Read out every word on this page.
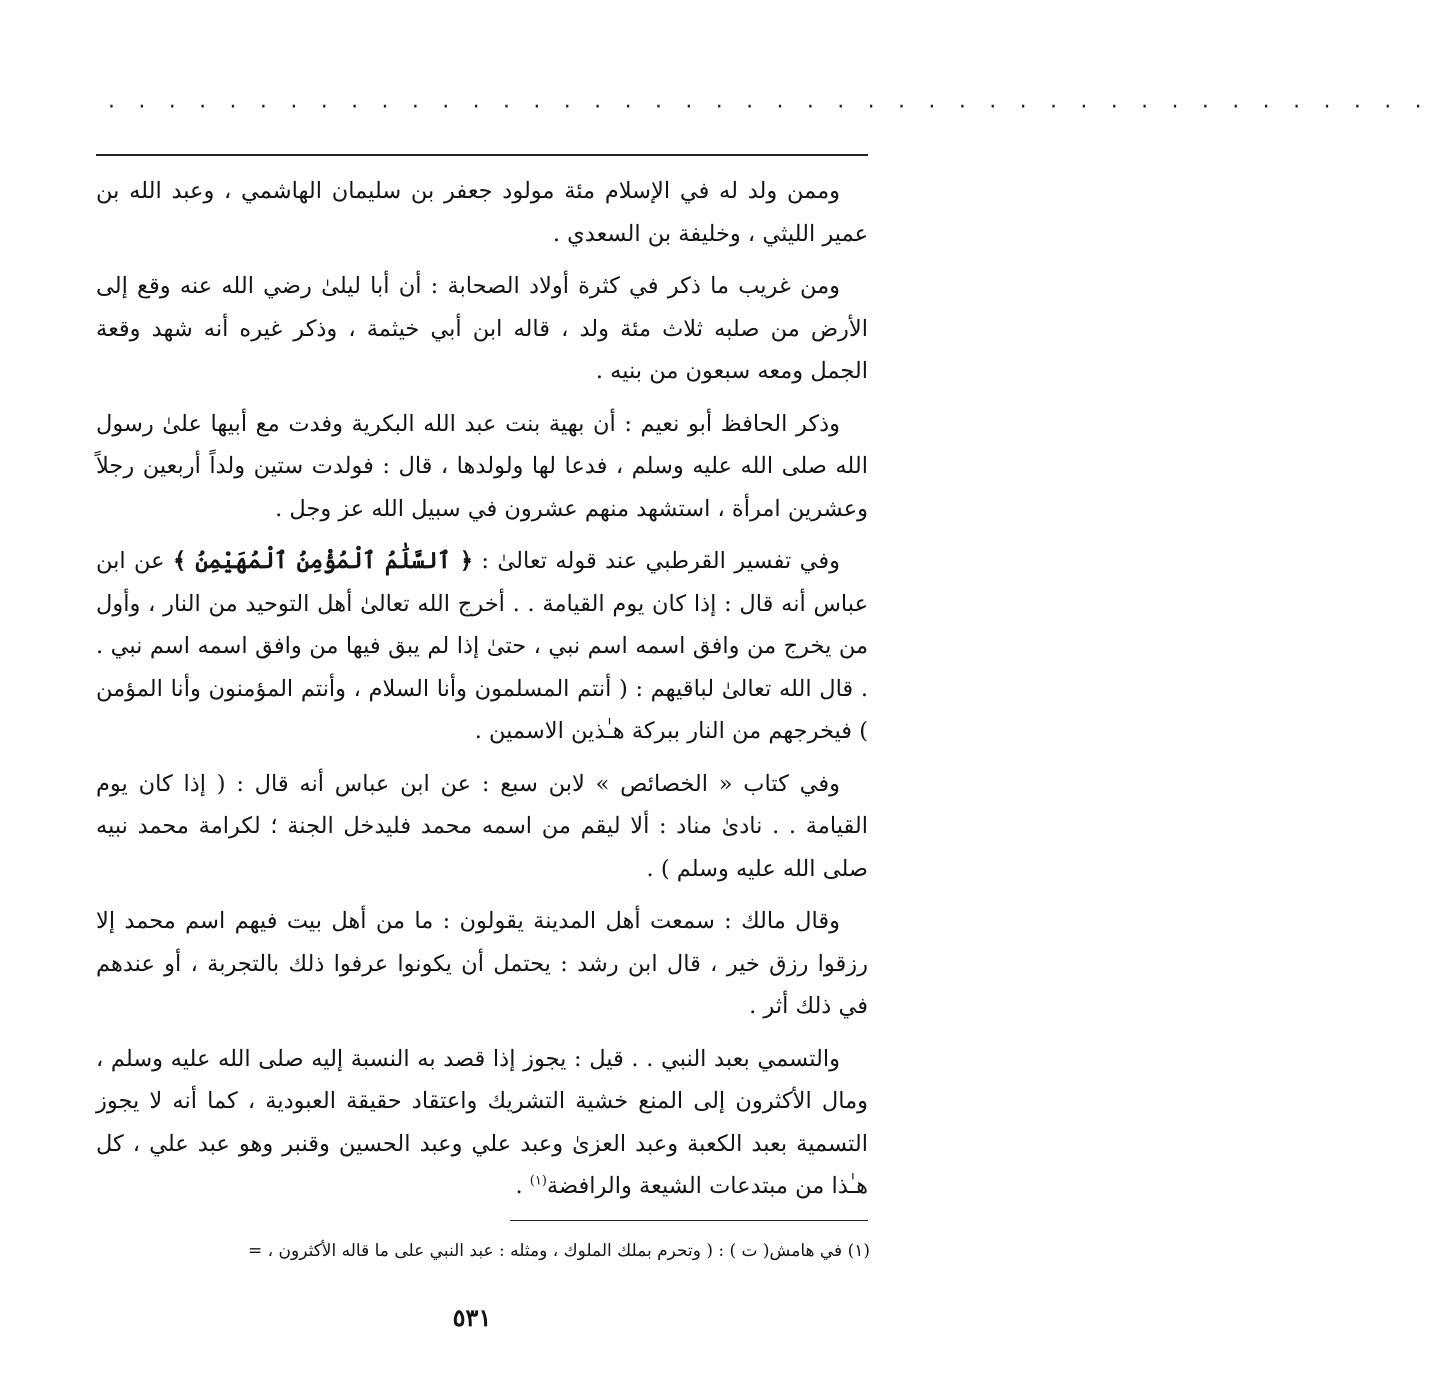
· · · · · · · · · · · · · · · · · · · · · · · · · · · · · · · · · · · · · · · · · · · ·

وممن ولد له في الإسلام مئة مولود جعفر بن سليمان الهاشمي ، وعبد الله بن عمير الليثي ، وخليفة بن السعدي .

ومن غريب ما ذكر في كثرة أولاد الصحابة : أن أبا ليلىٰ رضي الله عنه وقع إلى الأرض من صلبه ثلاث مئة ولد ، قاله ابن أبي خيثمة ، وذكر غيره أنه شهد وقعة الجمل ومعه سبعون من بنيه .

وذكر الحافظ أبو نعيم : أن بهية بنت عبد الله البكرية وفدت مع أبيها علىٰ رسول الله صلى الله عليه وسلم ، فدعا لها ولولدها ، قال : فولدت ستين ولداً أربعين رجلاً وعشرين امرأة ، استشهد منهم عشرون في سبيل الله عز وجل .

وفي تفسير القرطبي عند قوله تعالىٰ : ﴿ ٱلسَّلَٰمُ ٱلْمُؤْمِنُ ٱلْمُهَيْمِنُ ﴾ عن ابن عباس أنه قال : إذا كان يوم القيامة . . أخرج الله تعالىٰ أهل التوحيد من النار ، وأول من يخرج من وافق اسمه اسم نبي ، حتىٰ إذا لم يبق فيها من وافق اسمه اسم نبي . . قال الله تعالىٰ لباقيهم : ( أنتم المسلمون وأنا السلام ، وأنتم المؤمنون وأنا المؤمن ) فيخرجهم من النار ببركة هـٰذين الاسمين .

وفي كتاب « الخصائص » لابن سبع : عن ابن عباس أنه قال : ( إذا كان يوم القيامة . . نادىٰ مناد : ألا ليقم من اسمه محمد فليدخل الجنة ؛ لكرامة محمد نبيه صلى الله عليه وسلم ) .

وقال مالك : سمعت أهل المدينة يقولون : ما من أهل بيت فيهم اسم محمد إلا رزقوا رزق خير ، قال ابن رشد : يحتمل أن يكونوا عرفوا ذلك بالتجربة ، أو عندهم في ذلك أثر .

والتسمي بعبد النبي . . قيل : يجوز إذا قصد به النسبة إليه صلى الله عليه وسلم ، ومال الأكثرون إلى المنع خشية التشريك واعتقاد حقيقة العبودية ، كما أنه لا يجوز التسمية بعبد الكعبة وعبد العزىٰ وعبد علي وعبد الحسين وقنبر وهو عبد علي ، كل هـٰذا من مبتدعات الشيعة والرافضة$^{(١)}$ .

(١) في هامش( ت ) : ( وتحرم بملك الملوك ، ومثله : عبد النبي على ما قاله الأكثرون ، =
٥٣١
